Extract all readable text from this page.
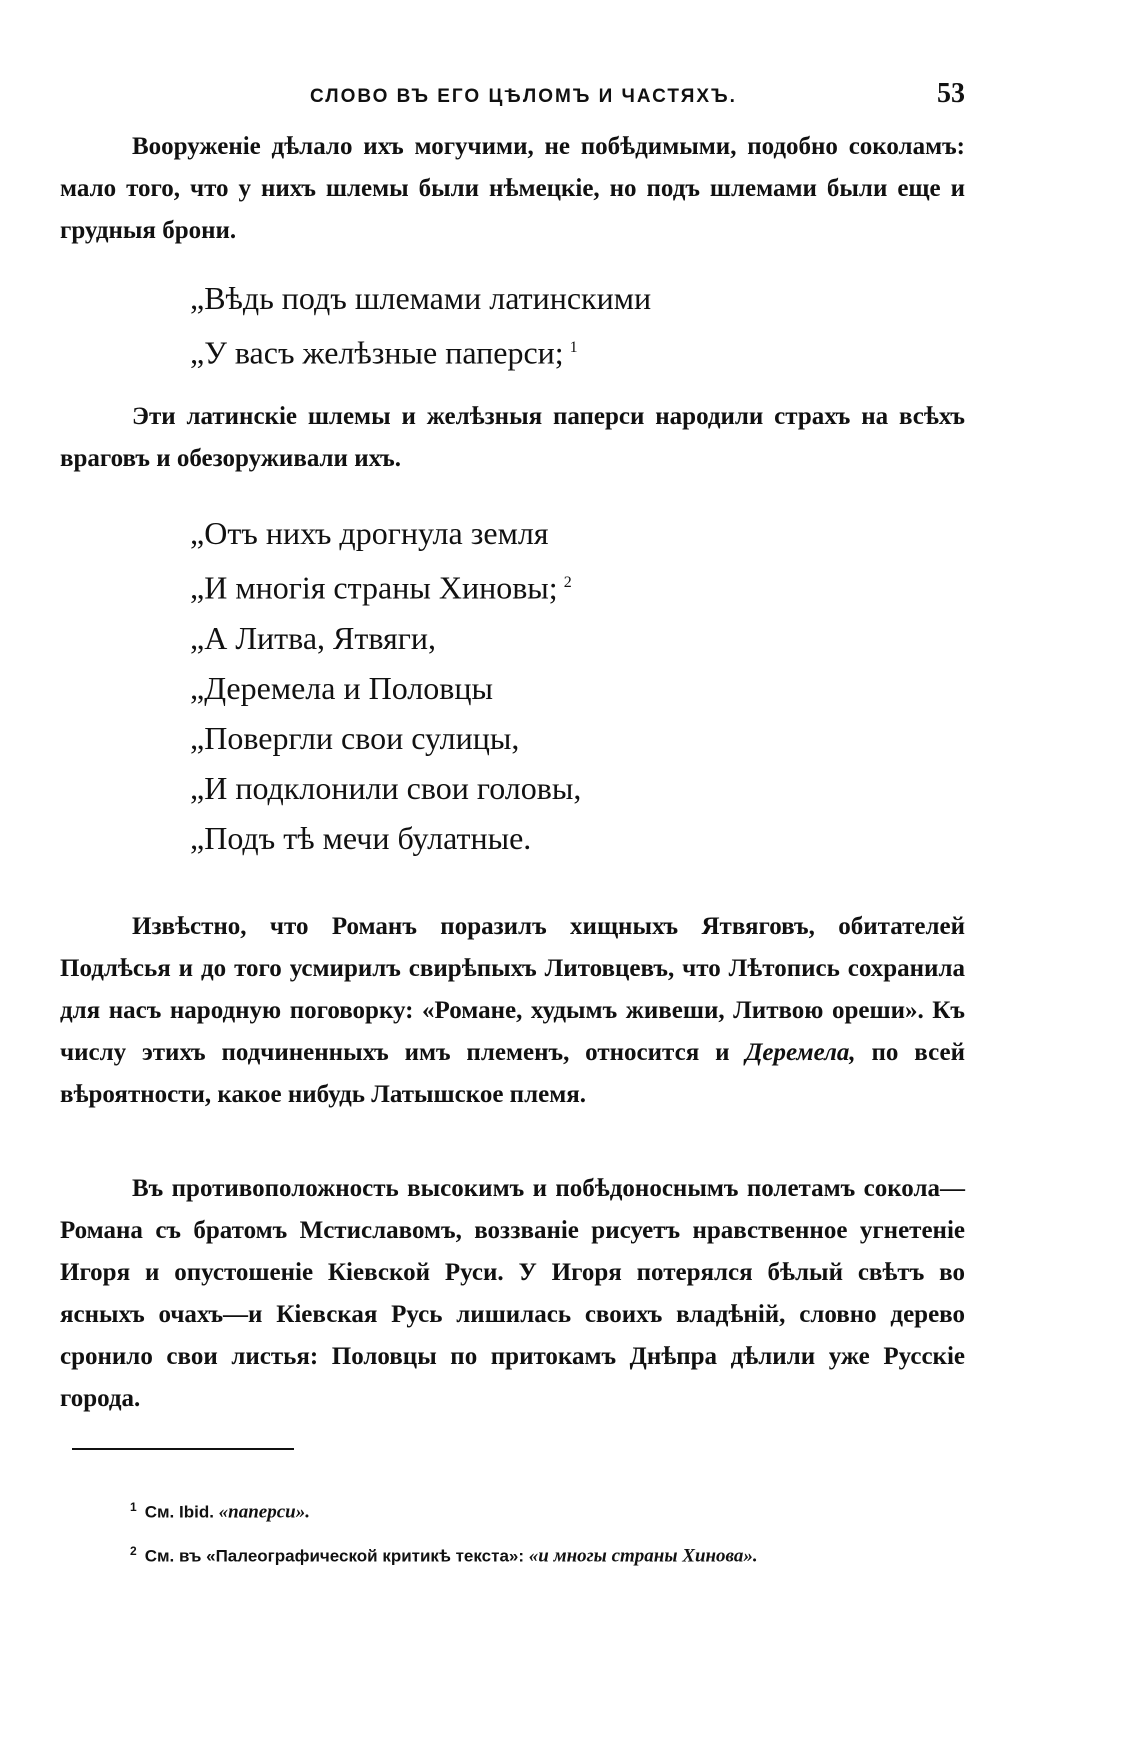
СЛОВО ВЪ ЕГО ЦѢЛОМЪ И ЧАСТЯХЪ.	53

Вооруженіе дѣлало ихъ могучими, не побѣдимыми, подобно соколамъ: мало того, что у нихъ шлемы были нѣмецкіе, но подъ шлемами были еще и грудныя брони.

„Вѣдь подъ шлемами латинскими
„У васъ желѣзные паперси; $^1$

Эти латинскіе шлемы и желѣзныя паперси народили страхъ на всѣхъ враговъ и обезоруживали ихъ.

„Отъ нихъ дрогнула земля
„И многія страны Хиновы; $^2$
„А Литва, Ятвяги,
„Деремела и Половцы
„Повергли свои сулицы,
„И подклонили свои головы,
„Подъ тѣ мечи булатные.

Извѣстно, что Романъ поразилъ хищныхъ Ятвяговъ, обитателей Подлѣсья и до того усмирилъ свирѣпыхъ Литовцевъ, что Лѣтопись сохранила для насъ народную поговорку: «Романе, худымъ живеши, Литвою ореши». Къ числу этихъ подчиненныхъ имъ племенъ, относится и Деремела, по всей вѣроятности, какое нибудь Латышское племя.

Въ противоположность высокимъ и побѣдоноснымъ полетамъ сокола—Романа съ братомъ Мстиславомъ, воззваніе рисуетъ нравственное угнетеніе Игоря и опустошеніе Кіевской Руси. У Игоря потерялся бѣлый свѣтъ во ясныхъ очахъ—и Кіевская Русь лишилась своихъ владѣній, словно дерево сронило свои листья: Половцы по притокамъ Днѣпра дѣлили уже Русскіе города.

$^1$ См. Ibid. «паперси».
$^2$ См. въ «Палеографической критикѣ текста»: «и многы страны Хинова».
